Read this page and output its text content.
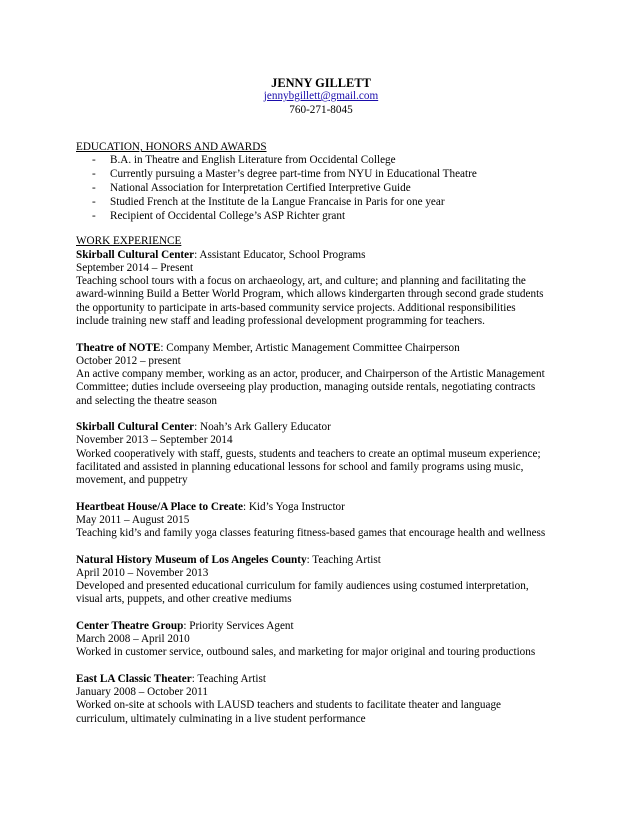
JENNY GILLETT
jennybgillett@gmail.com
760-271-8045
EDUCATION, HONORS AND AWARDS
- B.A. in Theatre and English Literature from Occidental College
- Currently pursuing a Master’s degree part-time from NYU in Educational Theatre
- National Association for Interpretation Certified Interpretive Guide
- Studied French at the Institute de la Langue Francaise in Paris for one year
- Recipient of Occidental College’s ASP Richter grant
WORK EXPERIENCE
Skirball Cultural Center: Assistant Educator, School Programs
September 2014 – Present
Teaching school tours with a focus on archaeology, art, and culture; and planning and facilitating the
award-winning Build a Better World Program, which allows kindergarten through second grade students
the opportunity to participate in arts-based community service projects. Additional responsibilities
include training new staff and leading professional development programming for teachers.
Theatre of NOTE: Company Member, Artistic Management Committee Chairperson
October 2012 – present
An active company member, working as an actor, producer, and Chairperson of the Artistic Management
Committee; duties include overseeing play production, managing outside rentals, negotiating contracts
and selecting the theatre season
Skirball Cultural Center: Noah’s Ark Gallery Educator
November 2013 – September 2014
Worked cooperatively with staff, guests, students and teachers to create an optimal museum experience;
facilitated and assisted in planning educational lessons for school and family programs using music,
movement, and puppetry
Heartbeat House/A Place to Create: Kid’s Yoga Instructor
May 2011 – August 2015
Teaching kid’s and family yoga classes featuring fitness-based games that encourage health and wellness
Natural History Museum of Los Angeles County: Teaching Artist
April 2010 – November 2013
Developed and presented educational curriculum for family audiences using costumed interpretation,
visual arts, puppets, and other creative mediums
Center Theatre Group: Priority Services Agent
March 2008 – April 2010
Worked in customer service, outbound sales, and marketing for major original and touring productions
East LA Classic Theater: Teaching Artist
January 2008 – October 2011
Worked on-site at schools with LAUSD teachers and students to facilitate theater and language
curriculum, ultimately culminating in a live student performance
